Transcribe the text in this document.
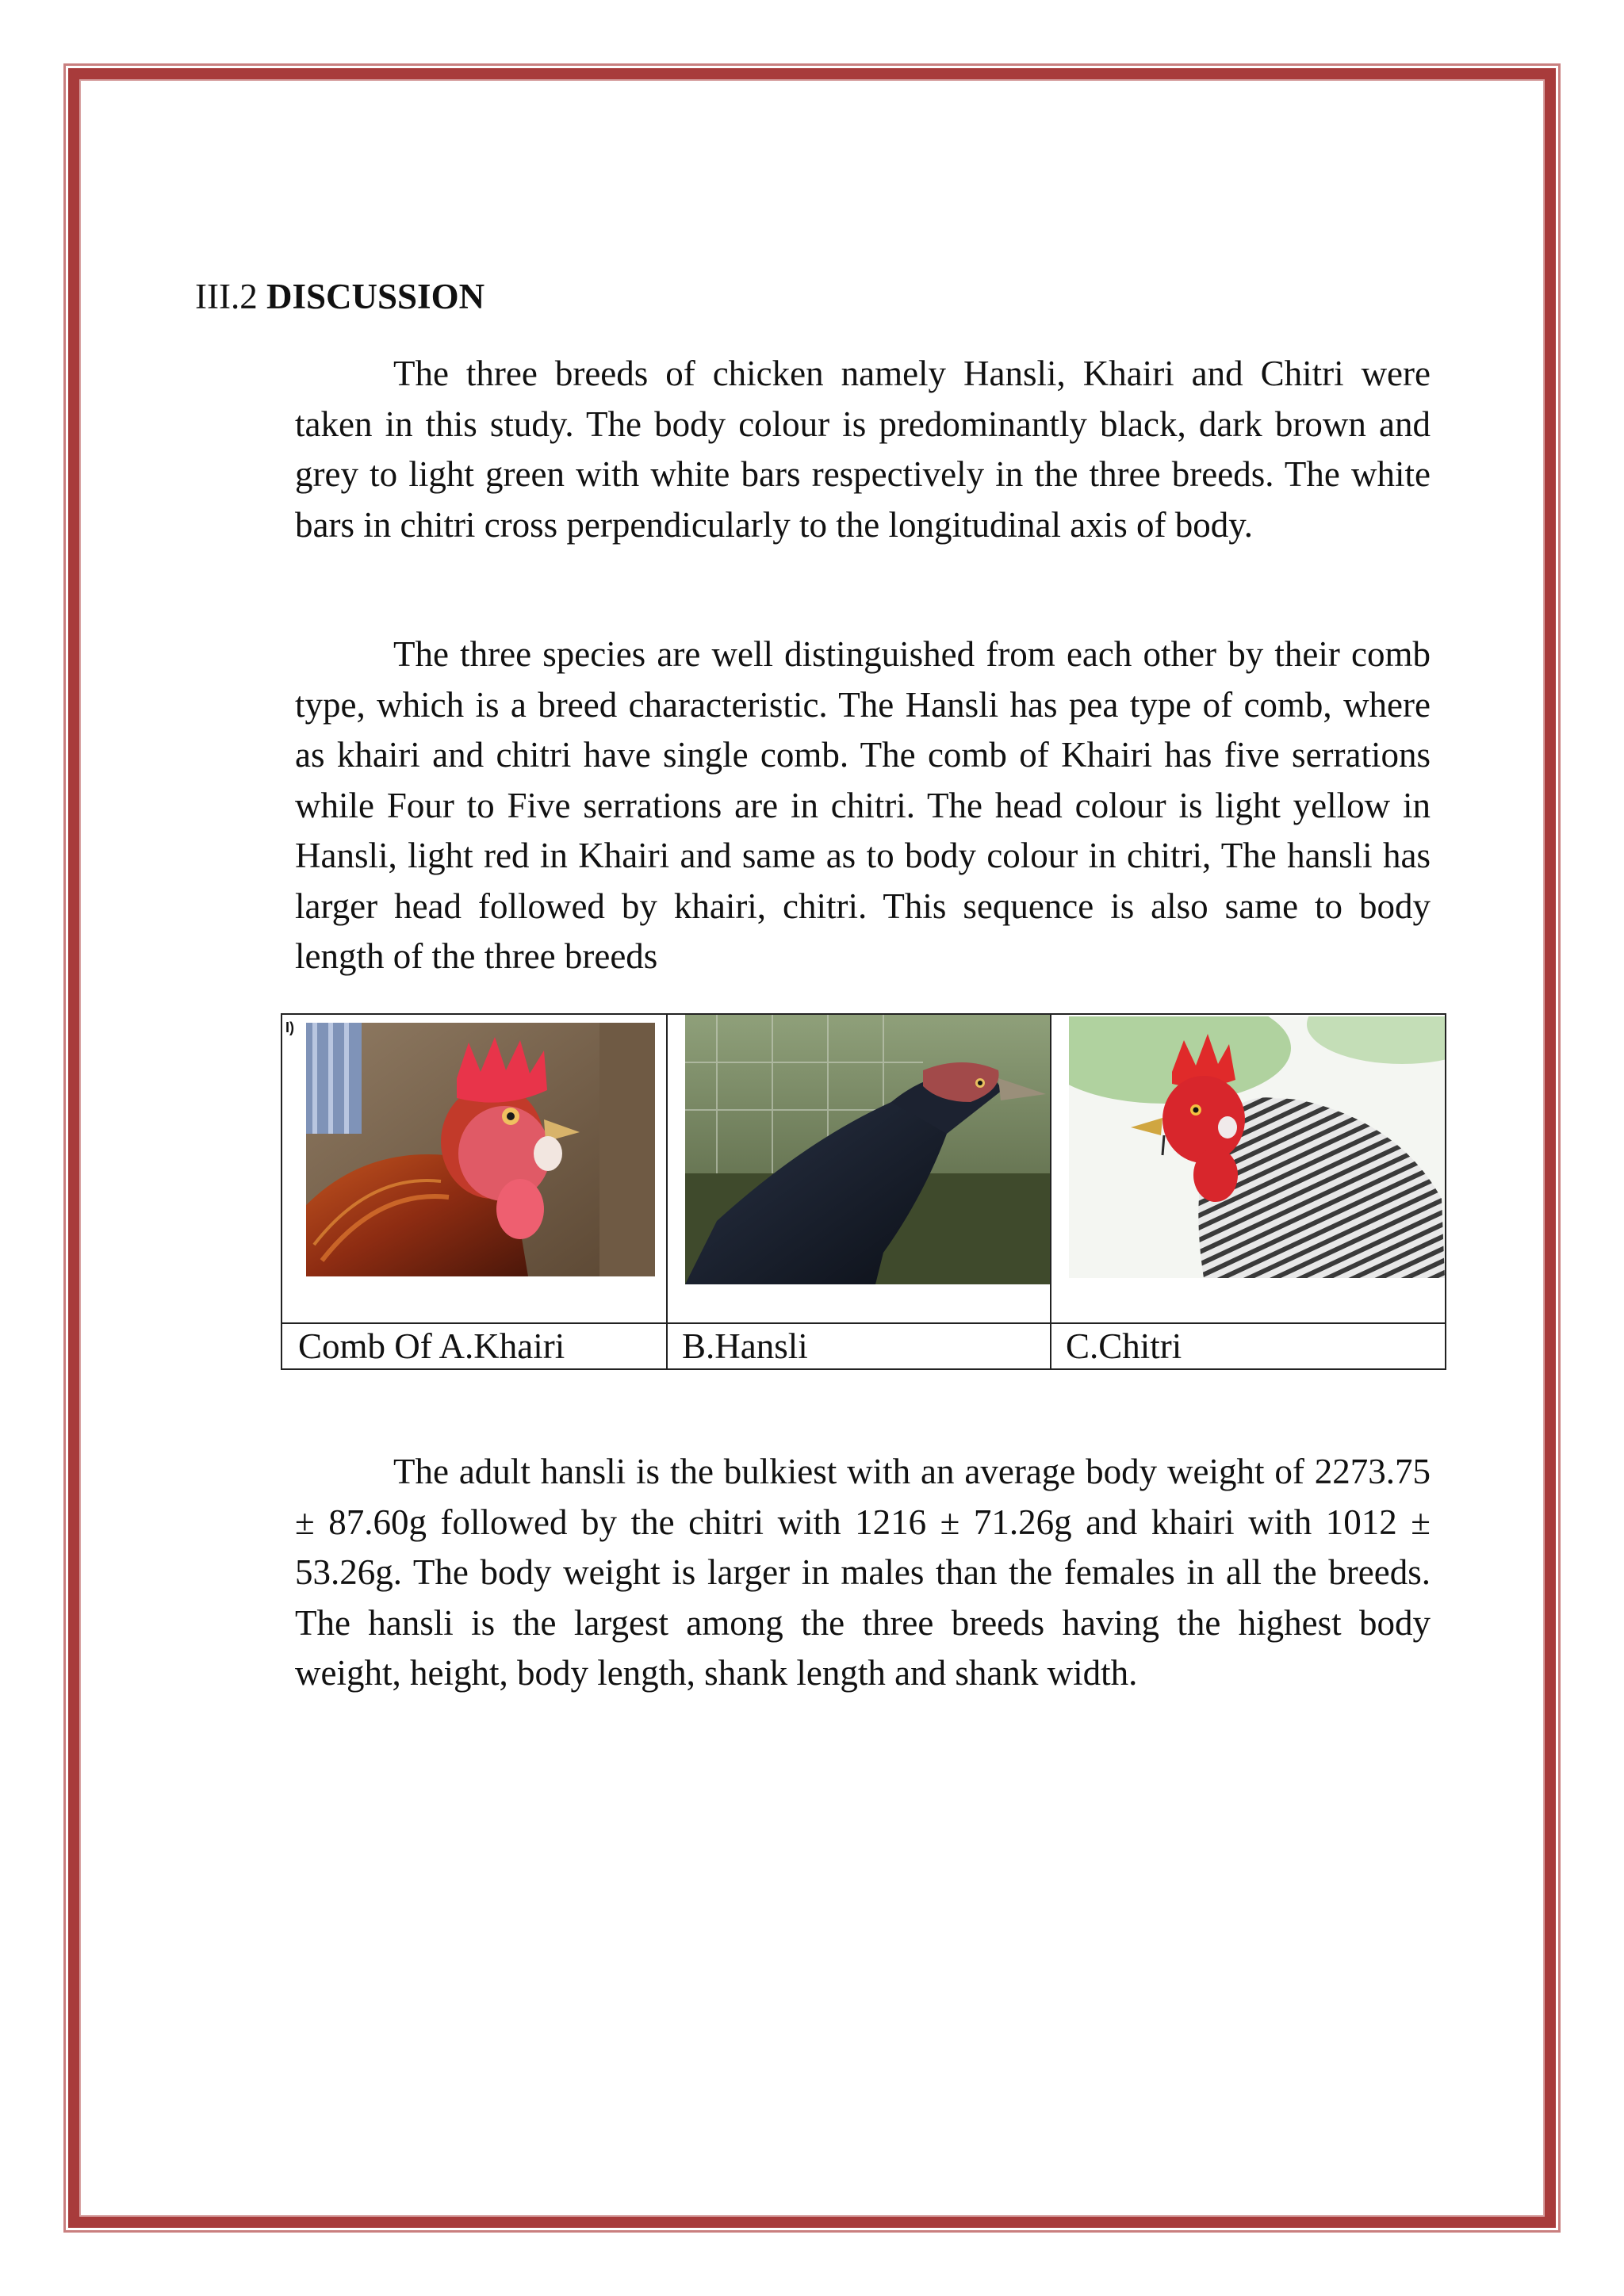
III.2 DISCUSSION

The three breeds of chicken namely Hansli, Khairi and Chitri were taken in this study. The body colour is predominantly black, dark brown and grey to light green with white bars respectively in the three breeds. The white bars in chitri cross perpendicularly to the longitudinal axis of body.

The three species are well distinguished from each other by their comb type, which is a breed characteristic. The Hansli has pea type of comb, where as khairi and chitri have single comb. The comb of Khairi has five serrations while Four to Five serrations are in chitri. The head colour is light yellow in Hansli, light red in Khairi and same as to body colour in chitri, The hansli has larger head followed by khairi, chitri. This sequence is also same to body length of the three breeds

I)
Comb Of A.Khairi	B.Hansli	C.Chitri

The adult hansli is the bulkiest with an average body weight of 2273.75 ± 87.60g followed by the chitri with 1216 ± 71.26g and khairi with 1012 ± 53.26g. The body weight is larger in males than the females in all the breeds. The hansli is the largest among the three breeds having the highest body weight, height, body length, shank length and shank width.
